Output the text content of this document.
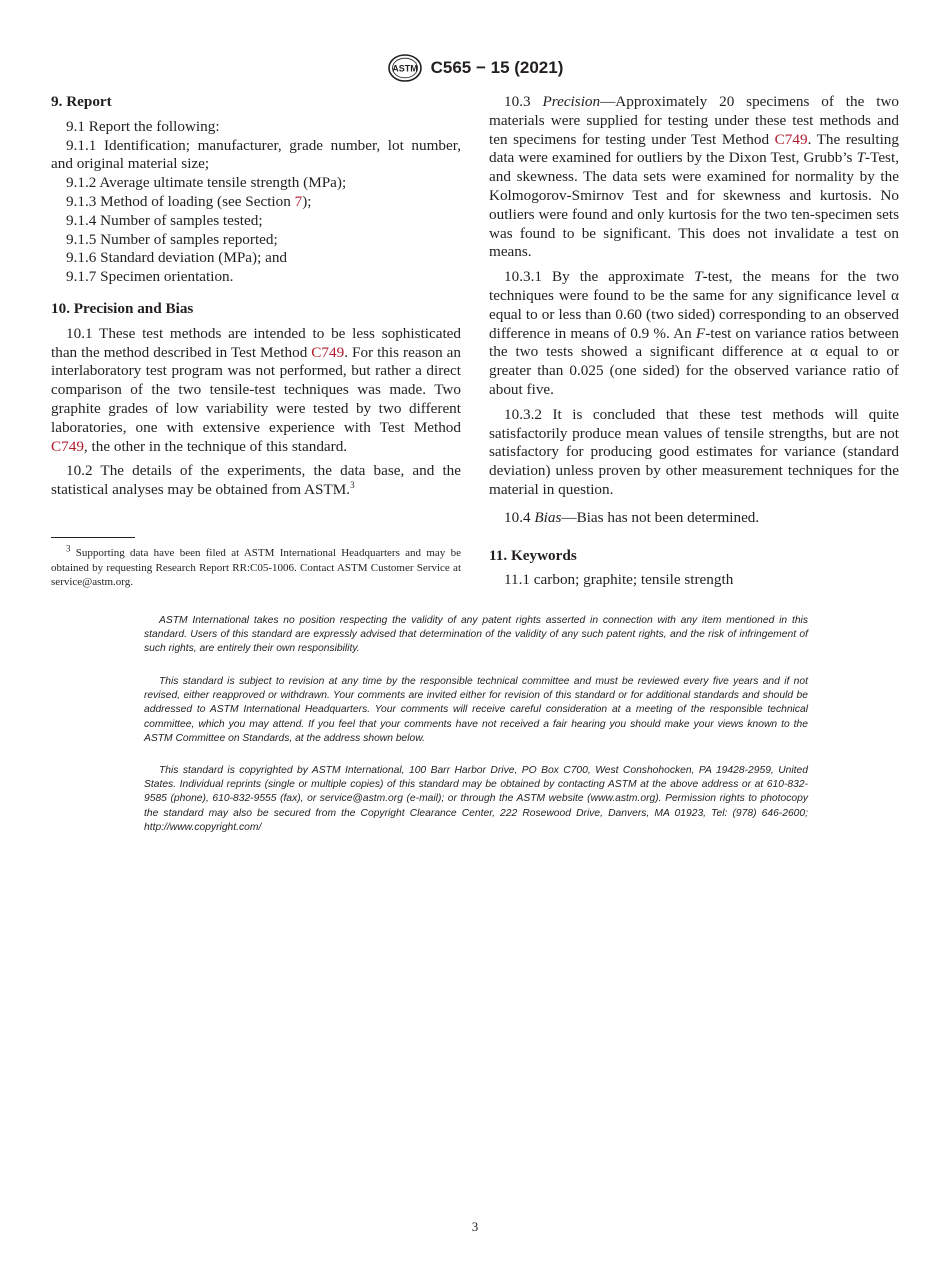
ASTM C565 − 15 (2021)

9. Report

9.1 Report the following:

9.1.1 Identification; manufacturer, grade number, lot number, and original material size;

9.1.2 Average ultimate tensile strength (MPa);

9.1.3 Method of loading (see Section 7);

9.1.4 Number of samples tested;

9.1.5 Number of samples reported;

9.1.6 Standard deviation (MPa); and

9.1.7 Specimen orientation.

10. Precision and Bias

10.1 These test methods are intended to be less sophisticated than the method described in Test Method C749. For this reason an interlaboratory test program was not performed, but rather a direct comparison of the two tensile-test techniques was made. Two graphite grades of low variability were tested by two different laboratories, one with extensive experience with Test Method C749, the other in the technique of this standard.

10.2 The details of the experiments, the data base, and the statistical analyses may be obtained from ASTM.$^3$

$^3$ Supporting data have been filed at ASTM International Headquarters and may be obtained by requesting Research Report RR:C05-1006. Contact ASTM Customer Service at service@astm.org.

10.3 Precision—Approximately 20 specimens of the two materials were supplied for testing under these test methods and ten specimens for testing under Test Method C749. The resulting data were examined for outliers by the Dixon Test, Grubb’s T-Test, and skewness. The data sets were examined for normality by the Kolmogorov-Smirnov Test and for skewness and kurtosis. No outliers were found and only kurtosis for the two ten-specimen sets was found to be significant. This does not invalidate a test on means.

10.3.1 By the approximate T-test, the means for the two techniques were found to be the same for any significance level α equal to or less than 0.60 (two sided) corresponding to an observed difference in means of 0.9 %. An F-test on variance ratios between the two tests showed a significant difference at α equal to or greater than 0.025 (one sided) for the observed variance ratio of about five.

10.3.2 It is concluded that these test methods will quite satisfactorily produce mean values of tensile strengths, but are not satisfactory for producing good estimates for variance (standard deviation) unless proven by other measurement techniques for the material in question.

10.4 Bias—Bias has not been determined.

11. Keywords

11.1 carbon; graphite; tensile strength

ASTM International takes no position respecting the validity of any patent rights asserted in connection with any item mentioned in this standard. Users of this standard are expressly advised that determination of the validity of any such patent rights, and the risk of infringement of such rights, are entirely their own responsibility.

This standard is subject to revision at any time by the responsible technical committee and must be reviewed every five years and if not revised, either reapproved or withdrawn. Your comments are invited either for revision of this standard or for additional standards and should be addressed to ASTM International Headquarters. Your comments will receive careful consideration at a meeting of the responsible technical committee, which you may attend. If you feel that your comments have not received a fair hearing you should make your views known to the ASTM Committee on Standards, at the address shown below.

This standard is copyrighted by ASTM International, 100 Barr Harbor Drive, PO Box C700, West Conshohocken, PA 19428-2959, United States. Individual reprints (single or multiple copies) of this standard may be obtained by contacting ASTM at the above address or at 610-832-9585 (phone), 610-832-9555 (fax), or service@astm.org (e-mail); or through the ASTM website (www.astm.org). Permission rights to photocopy the standard may also be secured from the Copyright Clearance Center, 222 Rosewood Drive, Danvers, MA 01923, Tel: (978) 646-2600; http://www.copyright.com/

3
